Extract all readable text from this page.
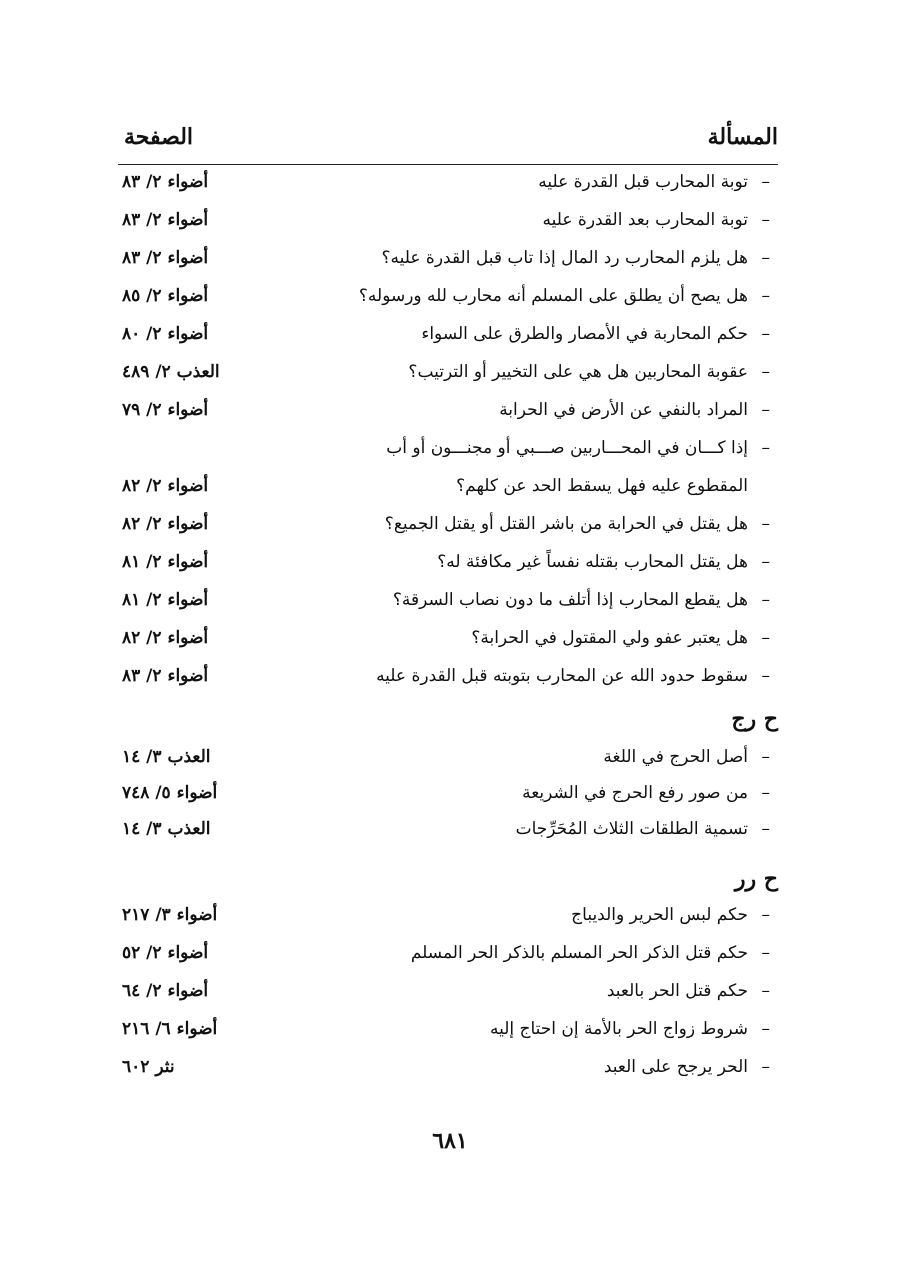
المسألة
الصفحة
–
توبة المحارب قبل القدرة عليه
أضواء ٢/ ٨٣
–
توبة المحارب بعد القدرة عليه
أضواء ٢/ ٨٣
–
هل يلزم المحارب رد المال إذا تاب قبل القدرة عليه؟
أضواء ٢/ ٨٣
–
هل يصح أن يطلق على المسلم أنه محارب لله ورسوله؟
أضواء ٢/ ٨٥
–
حكم المحاربة في الأمصار والطرق على السواء
أضواء ٢/ ٨٠
–
عقوبة المحاربين هل هي على التخيير أو الترتيب؟
العذب ٢/ ٤٨٩
–
المراد بالنفي عن الأرض في الحرابة
أضواء ٢/ ٧٩
–
إذا كـــان في المحـــاربين صـــبي أو مجنـــون أو أب
المقطوع عليه فهل يسقط الحد عن كلهم؟
أضواء ٢/ ٨٢
–
هل يقتل في الحرابة من باشر القتل أو يقتل الجميع؟
أضواء ٢/ ٨٢
–
هل يقتل المحارب بقتله نفساً غير مكافئة له؟
أضواء ٢/ ٨١
–
هل يقطع المحارب إذا أتلف ما دون نصاب السرقة؟
أضواء ٢/ ٨١
–
هل يعتبر عفو ولي المقتول في الحرابة؟
أضواء ٢/ ٨٢
–
سقوط حدود الله عن المحارب بتوبته قبل القدرة عليه
أضواء ٢/ ٨٣
ح رج
–
أصل الحرج في اللغة
العذب ٣/ ١٤
–
من صور رفع الحرج في الشريعة
أضواء ٥/ ٧٤٨
–
تسمية الطلقات الثلاث المُحَرِّجات
العذب ٣/ ١٤
ح رر
–
حكم لبس الحرير والديباج
أضواء ٣/ ٢١٧
–
حكم قتل الذكر الحر المسلم بالذكر الحر المسلم
أضواء ٢/ ٥٢
–
حكم قتل الحر بالعبد
أضواء ٢/ ٦٤
–
شروط زواج الحر بالأمة إن احتاج إليه
أضواء ٦/ ٢١٦
–
الحر يرجح على العبد
نثر ٦٠٢
٦٨١
